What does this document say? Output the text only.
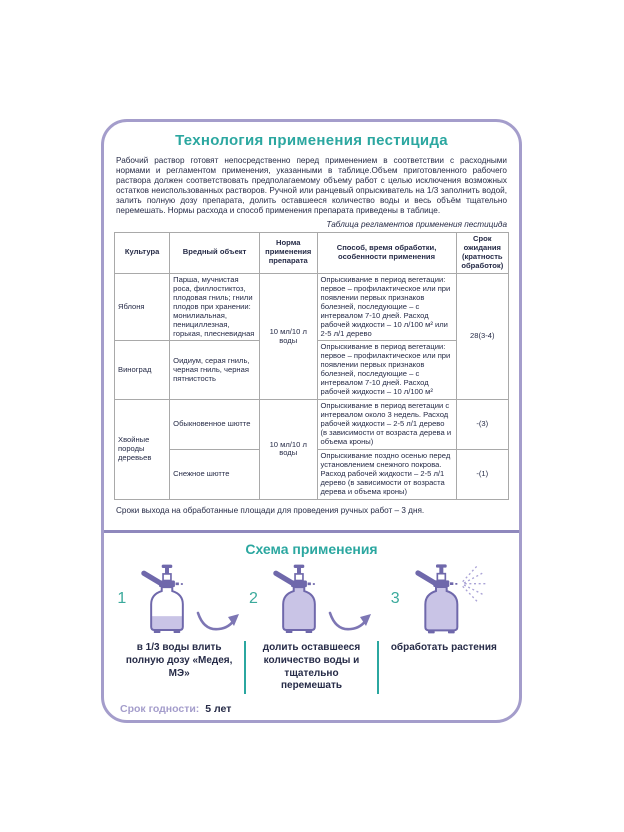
Технология применения пестицида

Рабочий раствор готовят непосредственно перед применением в соответствии с расходными нормами и регламентом применения, указанными в таблице.Объем приготовленного рабочего раствора должен соответствовать предполагаемому объему работ с целью исключения возможных остатков неиспользованных растворов. Ручной или ранцевый опрыскиватель на 1/3 заполнить водой, залить полную дозу препарата, долить оставшееся количество воды и весь объём тщательно перемешать. Нормы расхода и способ применения препарата приведены в таблице.

Таблица регламентов применения пестицида
Культура	Вредный объект	Норма применения препарата	Способ, время обработки, особенности применения	Срок ожидания (кратность обработок)
Яблоня	Парша, мучнистая роса, филлостиктоз, плодовая гниль; гнили плодов при хранении: монилиальная, пенициллезная, горькая, плесневидная	10 мл/10 л воды	Опрыскивание в период вегетации: первое – профилактическое или при появлении первых признаков болезней, последующие – с интервалом 7-10 дней. Расход рабочей жидкости – 10 л/100 м² или 2-5 л/1 дерево	28(3-4)
Виноград	Оидиум, серая гниль, черная гниль, черная пятнистость		Опрыскивание в период вегетации: первое – профилактическое или при появлении первых признаков болезней, последующие – с интервалом 7-10 дней. Расход рабочей жидкости – 10 л/100 м²	
Хвойные породы деревьев	Обыкновенное шютте	10 мл/10 л воды	Опрыскивание в период вегетации с интервалом около 3 недель. Расход рабочей жидкости – 2-5 л/1 дерево (в зависимости от возраста дерева и объема кроны)	-(3)
	Снежное шютте		Опрыскивание поздно осенью перед установлением снежного покрова. Расход рабочей жидкости – 2-5 л/1 дерево (в зависимости от возраста дерева и объема кроны)	-(1)

Сроки выхода на обработанные площади для проведения ручных работ – 3 дня.

Схема применения
1	2	3
в 1/3 воды влить полную дозу «Медея, МЭ»
долить оставшееся количество воды и тщательно перемешать
обработать растения
Срок годности: 5 лет
